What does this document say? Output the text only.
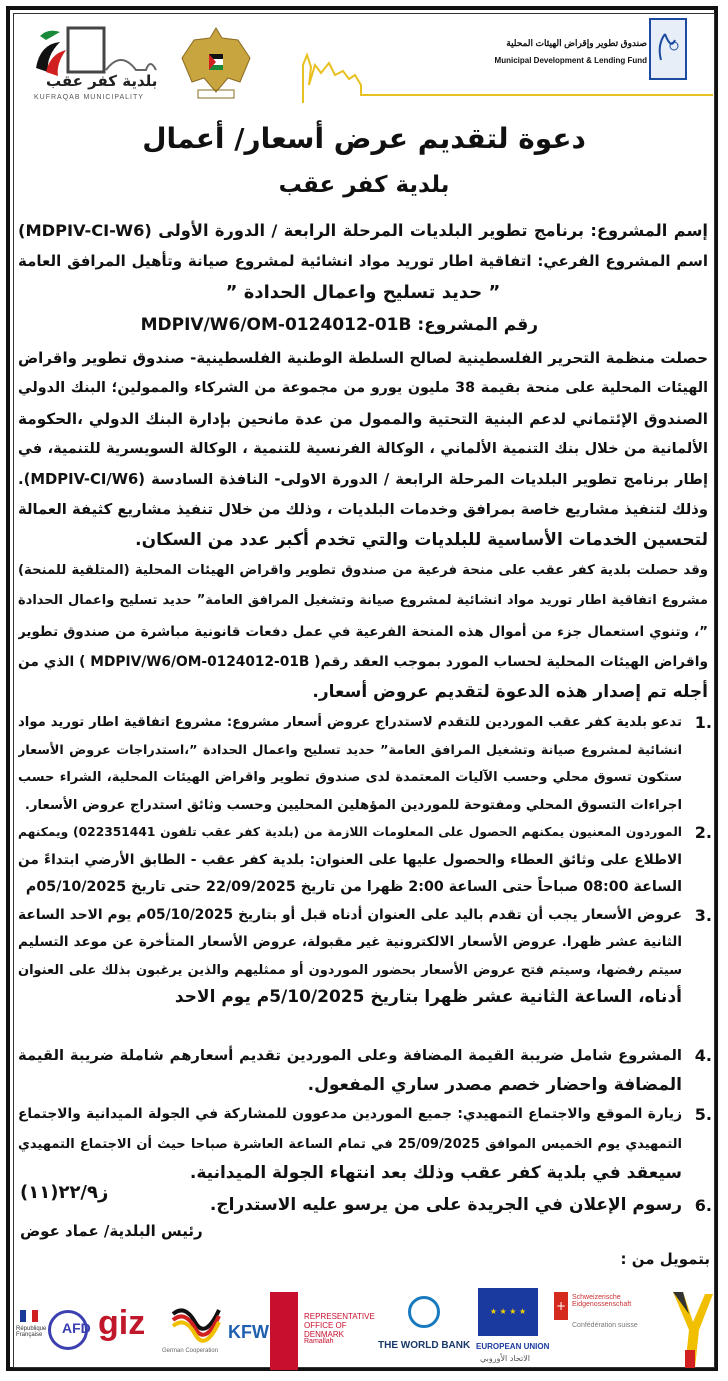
صندوق تطوير وإقراض الهيئات المحلية
Municipal Development & Lending Fund
بلدية كفر عقب
KUFRAQAB MUNICIPALITY
دعوة لتقديم عرض أسعار/ أعمال
بلدية كفر عقب
إسم المشروع: برنامج تطوير البلديات المرحلة الرابعة / الدورة الأولى (MDPIV-CI-W6)
اسم المشروع الفرعي: اتفاقية اطار توريد مواد انشائية لمشروع صيانة وتأهيل المرافق العامة
” حديد تسليح واعمال الحدادة ”
رقم المشروع: MDPIV/W6/OM-0124012-01B
حصلت منظمة التحرير الفلسطينية لصالح السلطة الوطنية الفلسطينية- صندوق تطوير واقراض
الهيئات المحلية على منحة بقيمة 38 مليون يورو من مجموعة من الشركاء والممولين؛ البنك الدولي
الصندوق الإئتماني لدعم البنية التحتية والممول من عدة مانحين بإدارة البنك الدولي ،الحكومة
الألمانية من خلال بنك التنمية الألماني ، الوكالة الفرنسية للتنمية ، الوكالة السويسرية للتنمية، في
إطار برنامج تطوير البلديات المرحلة الرابعة / الدورة الاولى- النافذة السادسة (MDPIV-CI/W6).
وذلك لتنفيذ مشاريع خاصة بمرافق وخدمات البلديات ، وذلك من خلال تنفيذ مشاريع كثيفة العمالة
لتحسين الخدمات الأساسية للبلديات والتي تخدم أكبر عدد من السكان.
وقد حصلت بلدية كفر عقب على منحة فرعية من صندوق تطوير واقراض الهيئات المحلية (المتلقية للمنحة)
مشروع اتفاقية اطار توريد مواد انشائية لمشروع صيانة وتشغيل المرافق العامة” حديد تسليح واعمال الحدادة
”، وتنوي استعمال جزء من أموال هذه المنحة الفرعية في عمل دفعات قانونية مباشرة من صندوق تطوير
واقراض الهيئات المحلية لحساب المورد بموجب العقد رقم( MDPIV/W6/OM-0124012-01B ) الذي من
أجله تم إصدار هذه الدعوة لتقديم عروض أسعار.
.1
تدعو بلدية كفر عقب الموردين للتقدم لاستدراج عروض أسعار مشروع: مشروع اتفاقية اطار توريد مواد
انشائية لمشروع صيانة وتشغيل المرافق العامة” حديد تسليح واعمال الحدادة ”،استدراجات عروض الأسعار
ستكون تسوق محلي وحسب الآليات المعتمدة لدى صندوق تطوير واقراض الهيئات المحلية، الشراء حسب
اجراءات التسوق المحلي ومفتوحة للموردين المؤهلين المحليين وحسب وثائق استدراج عروض الأسعار.
.2
الموردون المعنيون يمكنهم الحصول على المعلومات اللازمة من (بلدية كفر عقب تلفون 022351441) ويمكنهم
الاطلاع على وثائق العطاء والحصول عليها على العنوان: بلدية كفر عقب - الطابق الأرضي ابتداءً من
الساعة 08:00 صباحاً حتى الساعة 2:00 ظهرا من تاريخ 22/09/2025 حتى تاريخ 05/10/2025م
.3
عروض الأسعار يجب أن تقدم باليد على العنوان أدناه قبل أو بتاريخ 05/10/2025م يوم الاحد الساعة
الثانية عشر ظهرا. عروض الأسعار الالكترونية غير مقبولة، عروض الأسعار المتأخرة عن موعد التسليم
سيتم رفضها، وسيتم فتح عروض الأسعار بحضور الموردون أو ممثليهم والذين يرغبون بذلك على العنوان
أدناه، الساعة الثانية عشر ظهرا بتاريخ 5/10/2025م يوم الاحد
.4
المشروع شامل ضريبة القيمة المضافة وعلى الموردين تقديم أسعارهم شاملة ضريبة القيمة
المضافة واحضار خصم مصدر ساري المفعول.
.5
زيارة الموقع والاجتماع التمهيدي: جميع الموردين مدعوون للمشاركة في الجولة الميدانية والاجتماع
التمهيدي يوم الخميس الموافق 25/09/2025 في تمام الساعة العاشرة صباحا حيث أن الاجتماع التمهيدي
سيعقد في بلدية كفر عقب وذلك بعد انتهاء الجولة الميدانية.
.6
رسوم الإعلان في الجريدة على من يرسو عليه الاستدراج.
ز٢٢/٩(١١)
رئيس البلدية/ عماد عوض
بتمويل من :
République Française AFD giz
German Cooperation
KFW
REPRESENTATIVE OFFICE OF DENMARK
Ramallah	THE WORLD BANK
★ ★ ★ ★
EUROPEAN UNION
الاتحاد الأوروبي
+
Schweizerische Eidgenossenschaft
Confédération suisse
